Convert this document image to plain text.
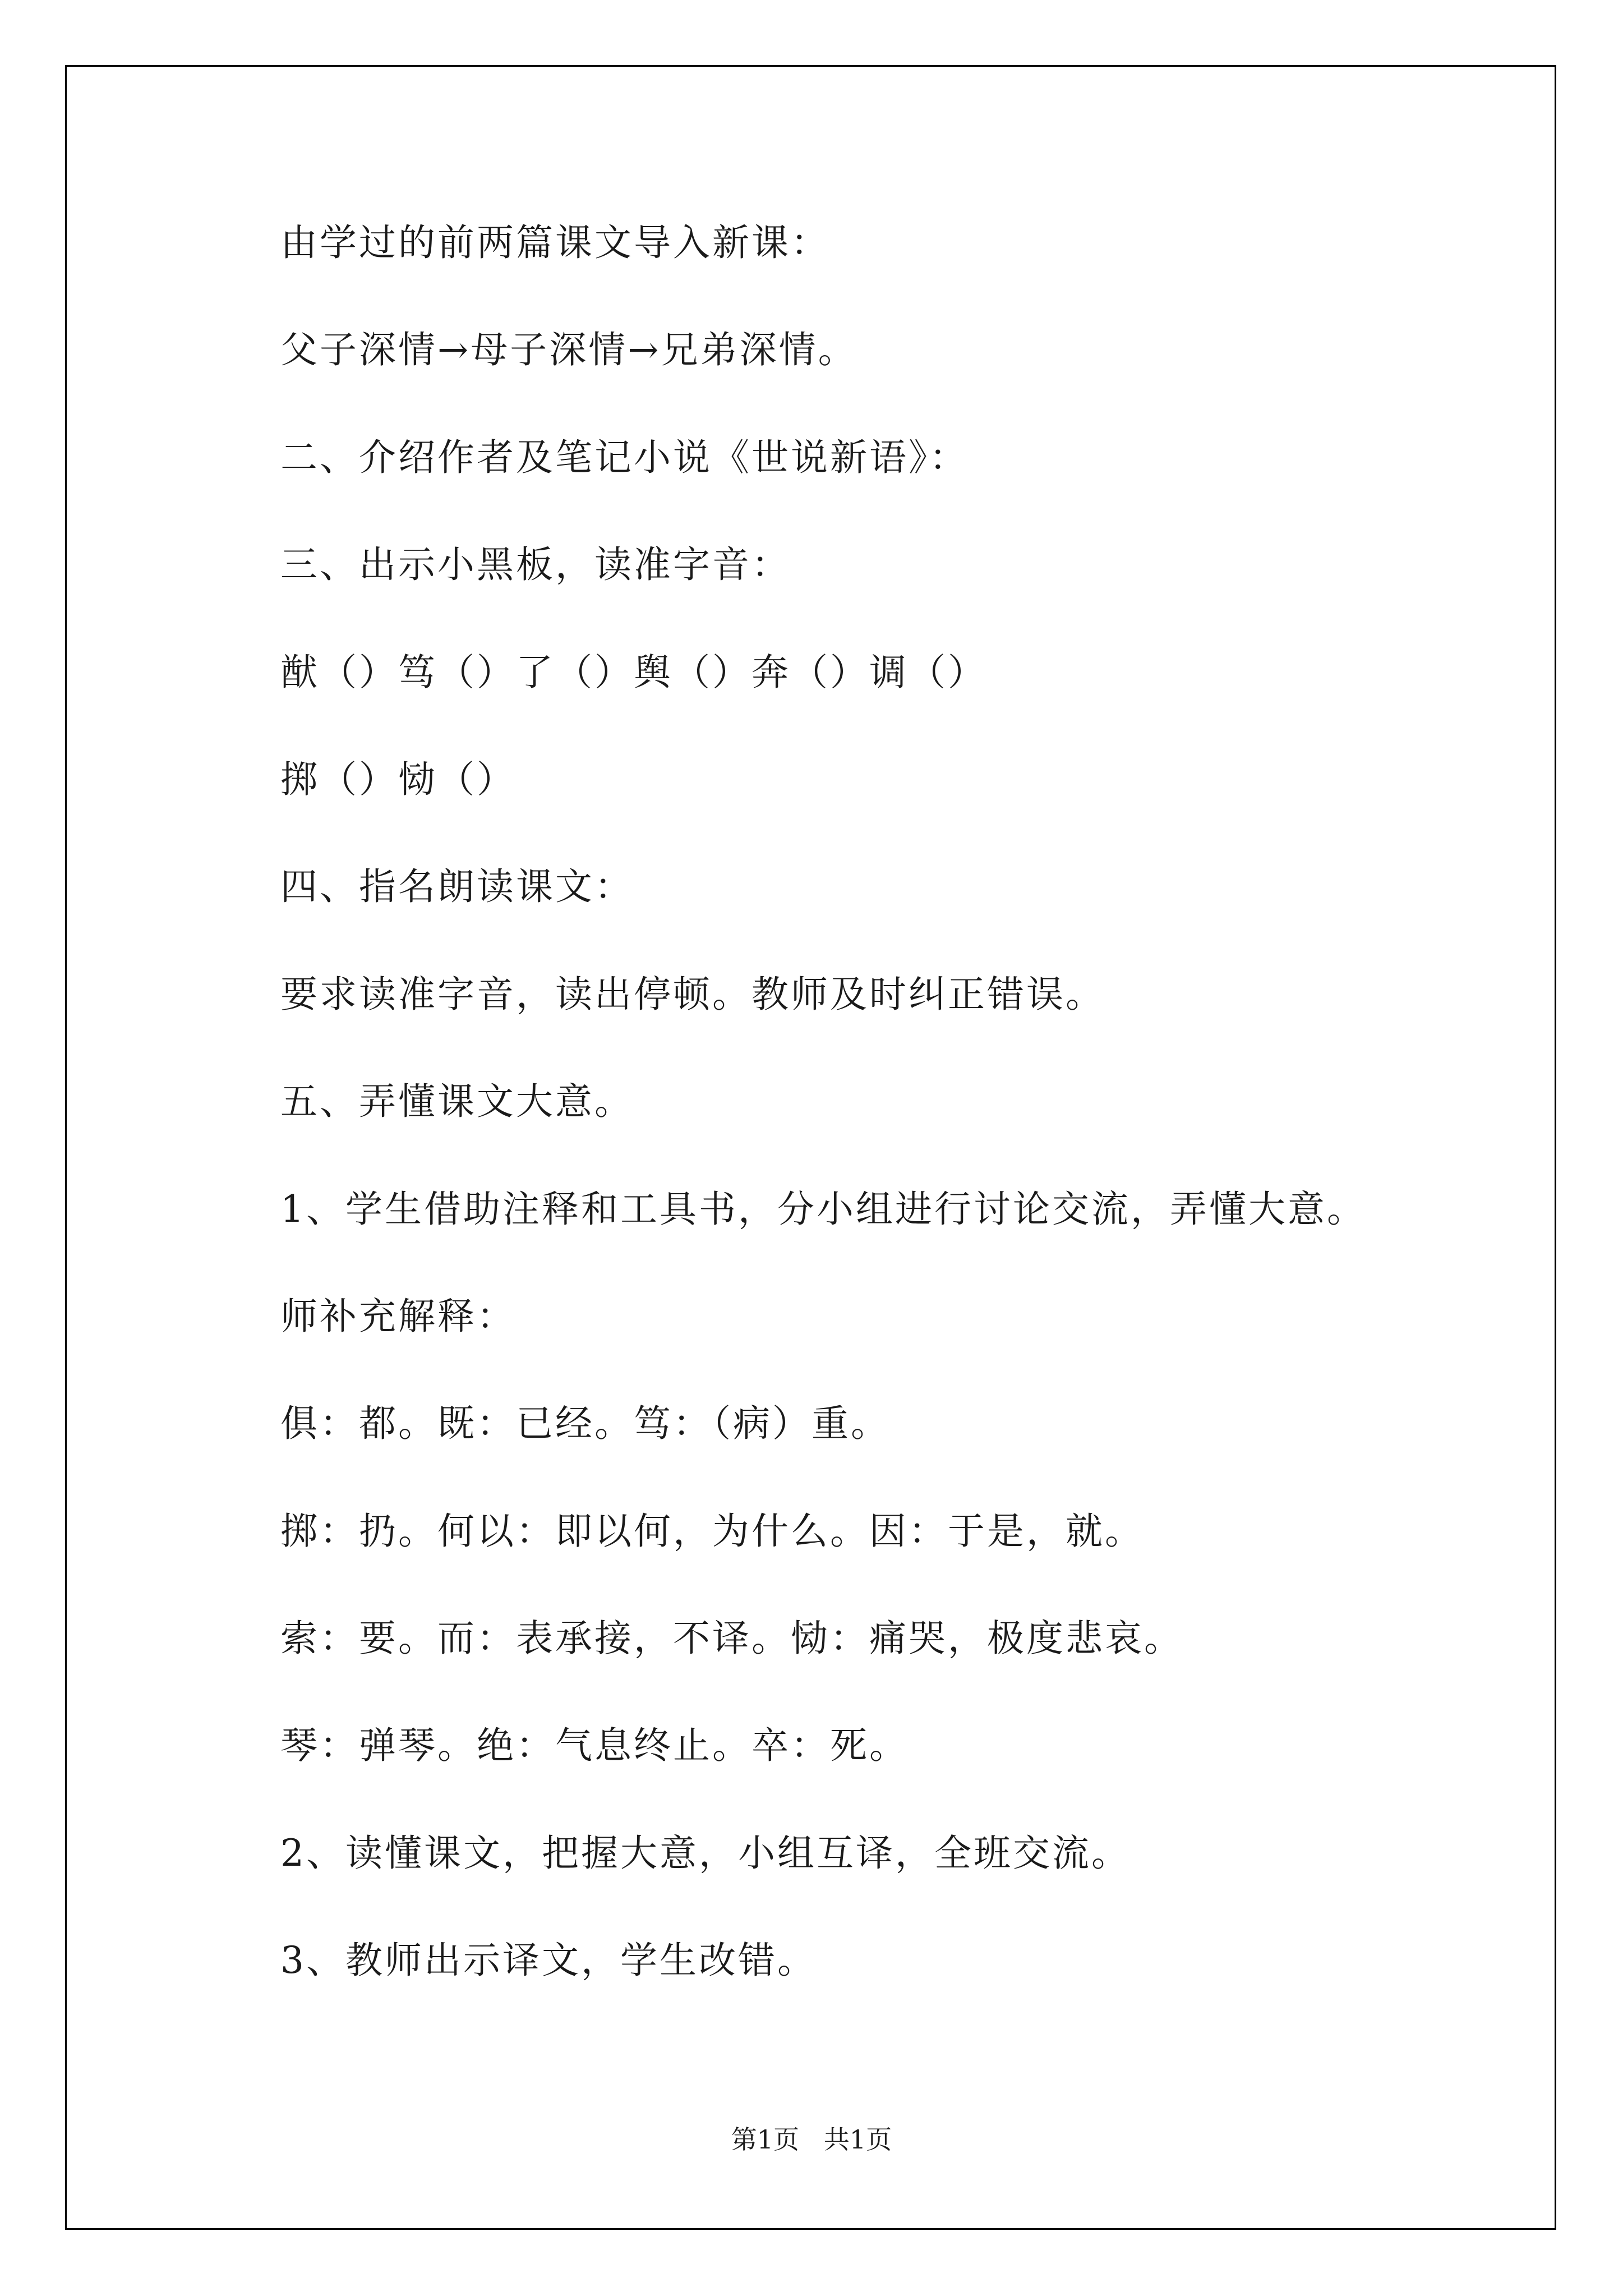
由学过的前两篇课文导入新课：

父子深情→母子深情→兄弟深情。

二、介绍作者及笔记小说《世说新语》：

三、出示小黑板，读准字音：

猷（）笃（）了（）舆（）奔（）调（）

掷（）恸（）

四、指名朗读课文：

要求读准字音，读出停顿。教师及时纠正错误。

五、弄懂课文大意。

1、学生借助注释和工具书，分小组进行讨论交流，弄懂大意。

师补充解释：

俱：都。既：已经。笃：（病）重。

掷：扔。何以：即以何，为什么。因：于是，就。

索：要。而：表承接，不译。恸：痛哭，极度悲哀。

琴：弹琴。绝：气息终止。卒：死。

2、读懂课文，把握大意，小组互译，全班交流。

3、教师出示译文，学生改错。

第1页   共1页
